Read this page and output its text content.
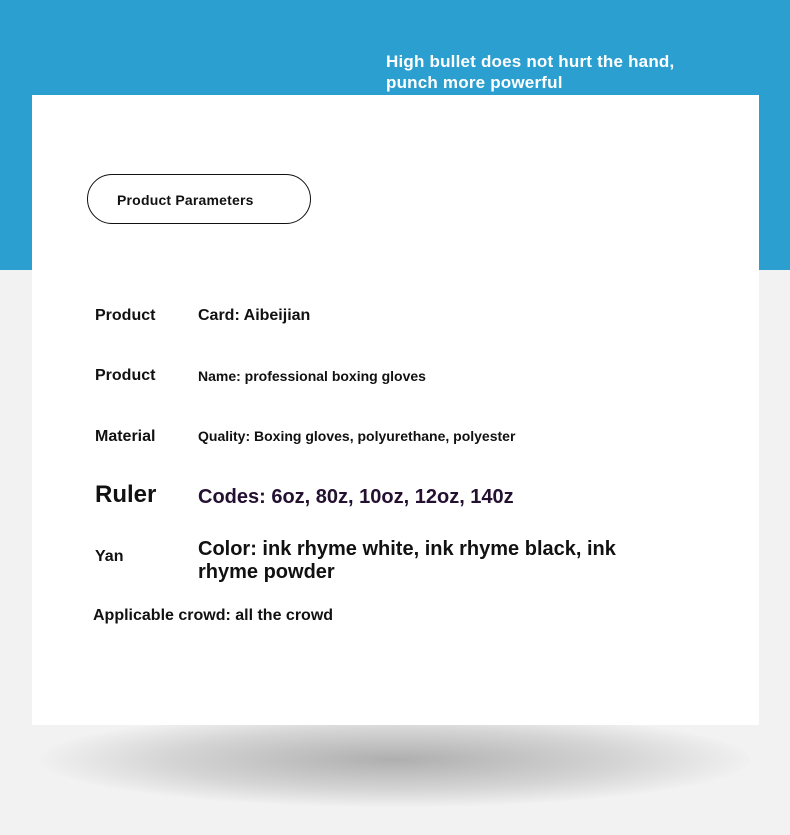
High bullet does not hurt the hand,
punch more powerful
Product Parameters
Product	Card: Aibeijian
Product	Name: professional boxing gloves
Material	Quality: Boxing gloves, polyurethane, polyester
Ruler Codes: 6oz, 80z, 10oz, 12oz, 140z
Yan	Color: ink rhyme white, ink rhyme black, ink rhyme powder
Applicable crowd: all the crowd
